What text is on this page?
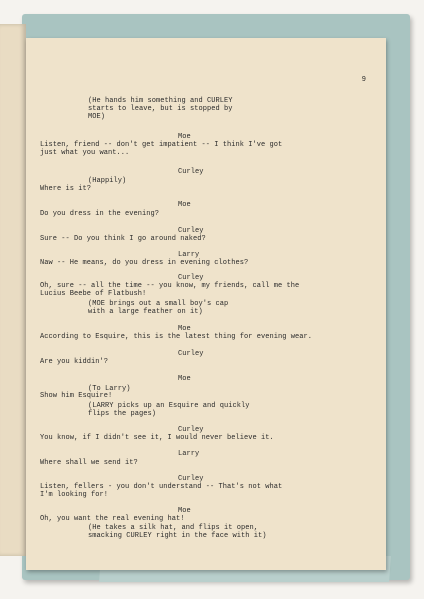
9
(He hands him something and CURLEY
starts to leave, but is stopped by
MOE)
Moe
Listen, friend -- don't get impatient -- I think I've got
just what you want...
Curley
(Happily)
Where is it?
Moe
Do you dress in the evening?
Curley
Sure -- Do you think I go around naked?
Larry
Naw -- He means, do you dress in evening clothes?
Curley
Oh, sure -- all the time -- you know, my friends, call me the
Lucius Beebe of Flatbush!
(MOE brings out a small boy's cap
with a large feather on it)
Moe
According to Esquire, this is the latest thing for evening wear.
Curley
Are you kiddin'?
Moe
(To Larry)
Show him Esquire!
(LARRY picks up an Esquire and quickly
flips the pages)
Curley
You know, if I didn't see it, I would never believe it.
Larry
Where shall we send it?
Curley
Listen, fellers - you don't understand -- That's not what
I'm looking for!
Moe
Oh, you want the real evening hat!
(He takes a silk hat, and flips it open,
smacking CURLEY right in the face with it)
